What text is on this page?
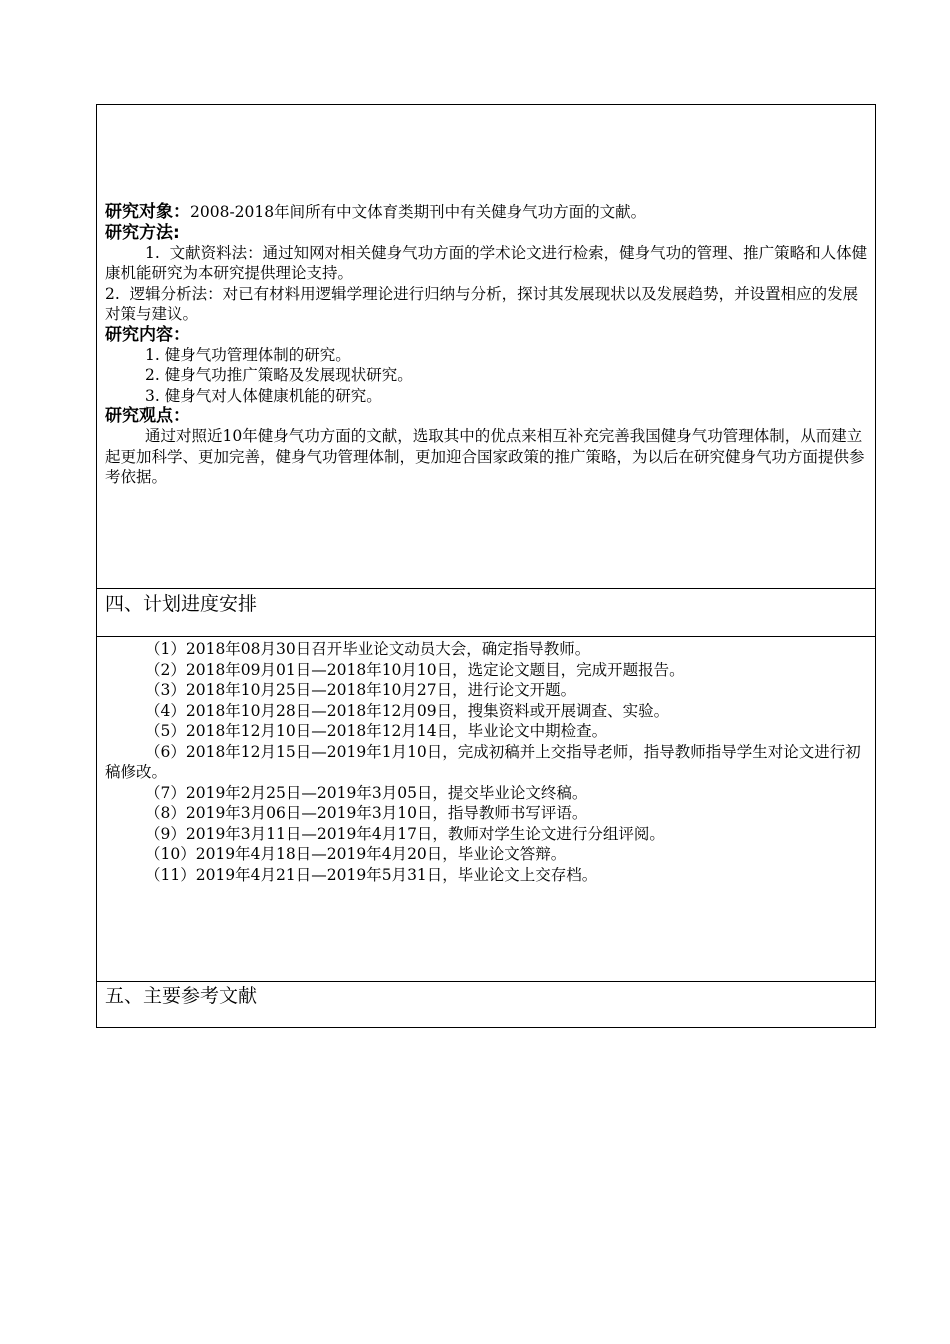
研究对象：2008-2018年间所有中文体育类期刊中有关健身气功方面的文献。
研究方法:
1.  文献资料法：通过知网对相关健身气功方面的学术论文进行检索，健身气功的管理、推广策略和人体健康机能研究为本研究提供理论支持。
2.  逻辑分析法：对已有材料用逻辑学理论进行归纳与分析，探讨其发展现状以及发展趋势，并设置相应的发展对策与建议。
研究内容：
1. 健身气功管理体制的研究。
2. 健身气功推广策略及发展现状研究。
3. 健身气对人体健康机能的研究。
研究观点：
通过对照近10年健身气功方面的文献，选取其中的优点来相互补充完善我国健身气功管理体制，从而建立起更加科学、更加完善，健身气功管理体制，更加迎合国家政策的推广策略，为以后在研究健身气功方面提供参考依据。
四、计划进度安排
（1）2018年08月30日召开毕业论文动员大会，确定指导教师。
（2）2018年09月01日—2018年10月10日，选定论文题目，完成开题报告。
（3）2018年10月25日—2018年10月27日，进行论文开题。
（4）2018年10月28日—2018年12月09日，搜集资料或开展调查、实验。
（5）2018年12月10日—2018年12月14日，毕业论文中期检查。
（6）2018年12月15日—2019年1月10日，完成初稿并上交指导老师，指导教师指导学生对论文进行初稿修改。
（7）2019年2月25日—2019年3月05日，提交毕业论文终稿。
（8）2019年3月06日—2019年3月10日，指导教师书写评语。
（9）2019年3月11日—2019年4月17日，教师对学生论文进行分组评阅。
（10）2019年4月18日—2019年4月20日，毕业论文答辩。
（11）2019年4月21日—2019年5月31日，毕业论文上交存档。
五、主要参考文献
